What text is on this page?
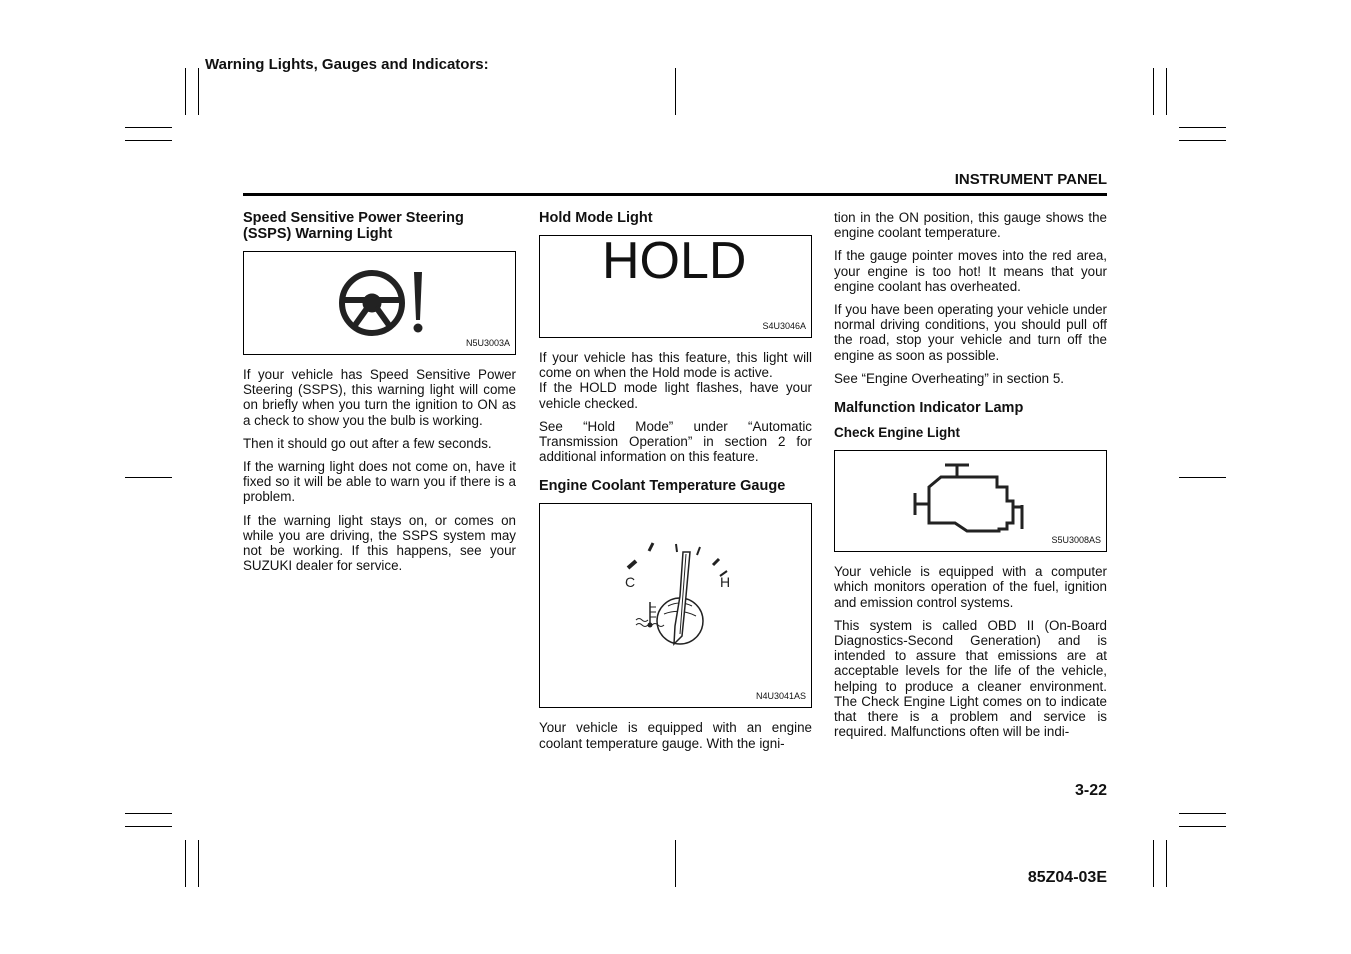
Warning Lights, Gauges and Indicators:
INSTRUMENT PANEL
Speed Sensitive Power Steering (SSPS) Warning Light
N5U3003A

If your vehicle has Speed Sensitive Power Steering (SSPS), this warning light will come on briefly when you turn the ignition to ON as a check to show you the bulb is working.

Then it should go out after a few seconds.

If the warning light does not come on, have it fixed so it will be able to warn you if there is a problem.

If the warning light stays on, or comes on while you are driving, the SSPS system may not be working. If this happens, see your SUZUKI dealer for service.

Hold Mode Light
HOLD
S4U3046A

If your vehicle has this feature, this light will come on when the Hold mode is active.

If the HOLD mode light flashes, have your vehicle checked.

See “Hold Mode” under “Automatic Transmission Operation” in section 2 for additional information on this feature.

Engine Coolant Temperature Gauge
C	H
N4U3041AS

Your vehicle is equipped with an engine coolant temperature gauge. With the igni-

tion in the ON position, this gauge shows the engine coolant temperature.

If the gauge pointer moves into the red area, your engine is too hot! It means that your engine coolant has overheated.

If you have been operating your vehicle under normal driving conditions, you should pull off the road, stop your vehicle and turn off the engine as soon as possible.

See “Engine Overheating” in section 5.

Malfunction Indicator Lamp
Check Engine Light
S5U3008AS

Your vehicle is equipped with a computer which monitors operation of the fuel, ignition and emission control systems.

This system is called OBD II (On-Board Diagnostics-Second Generation) and is intended to assure that emissions are at acceptable levels for the life of the vehicle, helping to produce a cleaner environment. The Check Engine Light comes on to indicate that there is a problem and service is required. Malfunctions often will be indi-

3-22
85Z04-03E
